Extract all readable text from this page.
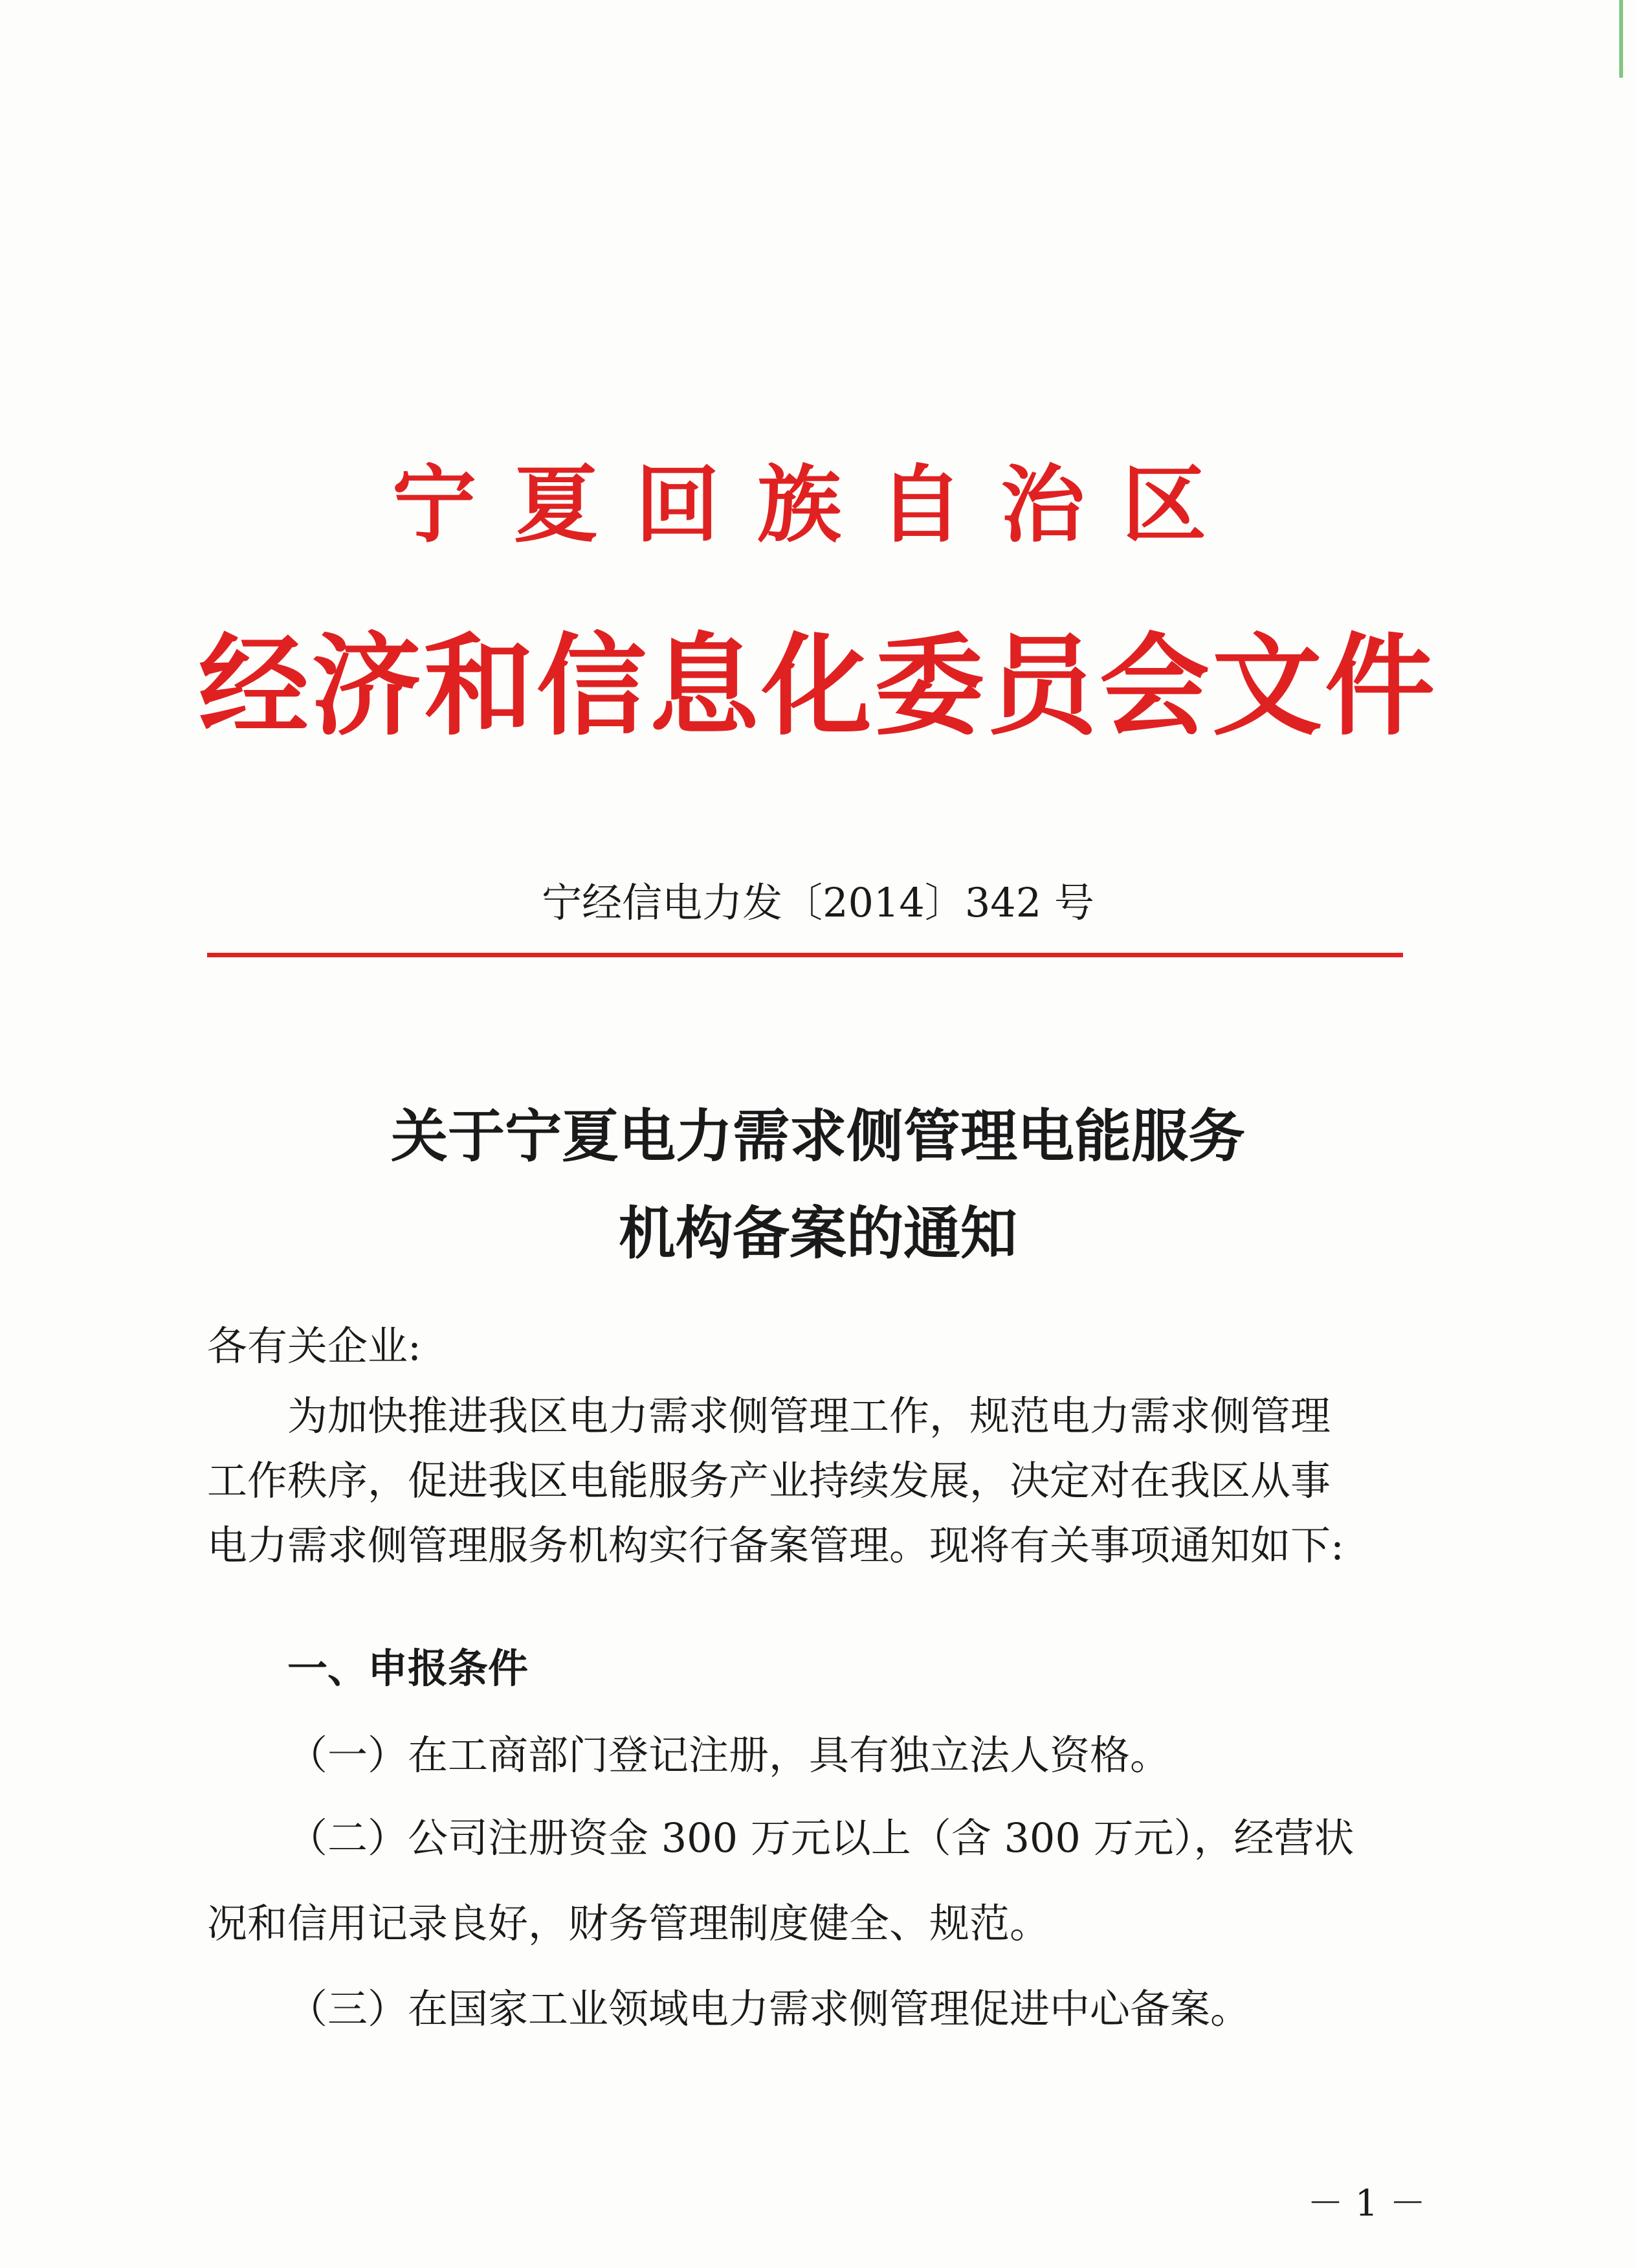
宁夏回族自治区
经济和信息化委员会文件
宁经信电力发〔2014〕342 号
关于宁夏电力需求侧管理电能服务
机构备案的通知
各有关企业:
为加快推进我区电力需求侧管理工作，规范电力需求侧管理
工作秩序，促进我区电能服务产业持续发展，决定对在我区从事
电力需求侧管理服务机构实行备案管理。现将有关事项通知如下:
一、申报条件
（一）在工商部门登记注册，具有独立法人资格。
（二）公司注册资金 300 万元以上（含 300 万元），经营状
况和信用记录良好，财务管理制度健全、规范。
（三）在国家工业领域电力需求侧管理促进中心备案。
－ 1 －
